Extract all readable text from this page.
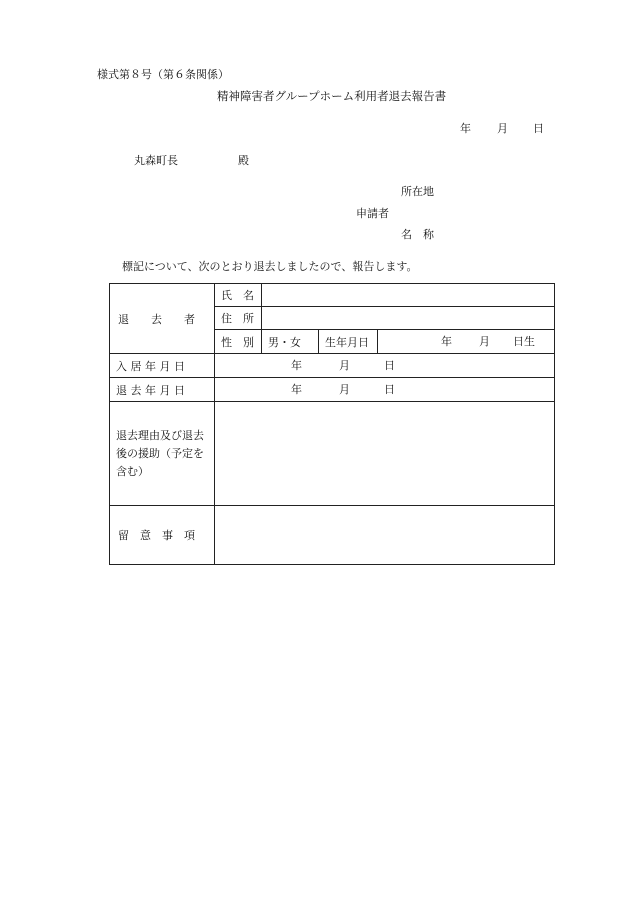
様式第８号（第６条関係）
精神障害者グループホーム利用者退去報告書
年 月 日
丸森町長	殿
所在地
申請者
名　称
標記について、次のとおり退去しましたので、報告します。
退　　去　　者	氏　名			

	住　所			

	性　別	男・女	生年月日	年 月 日生

入 居 年 月 日	年 月 日			

退 去 年 月 日	年 月 日			

退去理由及び退去後の援助（予定を含む）				

留　意　事　項				
